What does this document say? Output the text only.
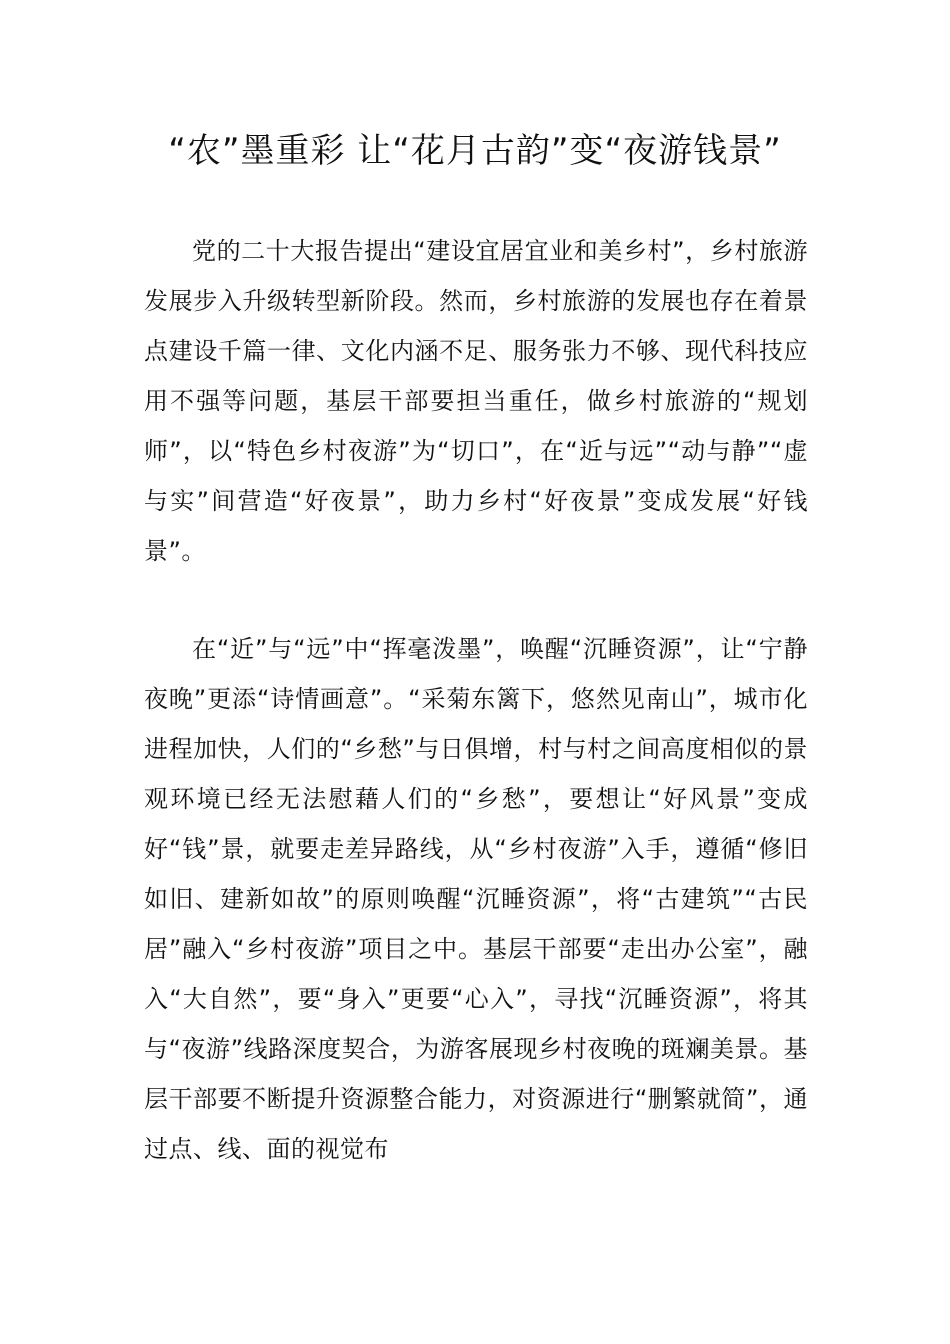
“农”墨重彩 让“花月古韵”变“夜游钱景”

党的二十大报告提出“建设宜居宜业和美乡村”，乡村旅游发展步入升级转型新阶段。然而，乡村旅游的发展也存在着景点建设千篇一律、文化内涵不足、服务张力不够、现代科技应用不强等问题，基层干部要担当重任，做乡村旅游的“规划师”，以“特色乡村夜游”为“切口”，在“近与远”“动与静”“虚与实”间营造“好夜景”，助力乡村“好夜景”变成发展“好钱景”。

在“近”与“远”中“挥毫泼墨”，唤醒“沉睡资源”，让“宁静夜晚”更添“诗情画意”。“采菊东篱下，悠然见南山”，城市化进程加快，人们的“乡愁”与日俱增，村与村之间高度相似的景观环境已经无法慰藉人们的“乡愁”，要想让“好风景”变成好“钱”景，就要走差异路线，从“乡村夜游”入手，遵循“修旧如旧、建新如故”的原则唤醒“沉睡资源”，将“古建筑”“古民居”融入“乡村夜游”项目之中。基层干部要“走出办公室”，融入“大自然”，要“身入”更要“心入”，寻找“沉睡资源”，将其与“夜游”线路深度契合，为游客展现乡村夜晚的斑斓美景。基层干部要不断提升资源整合能力，对资源进行“删繁就简”，通过点、线、面的视觉布
